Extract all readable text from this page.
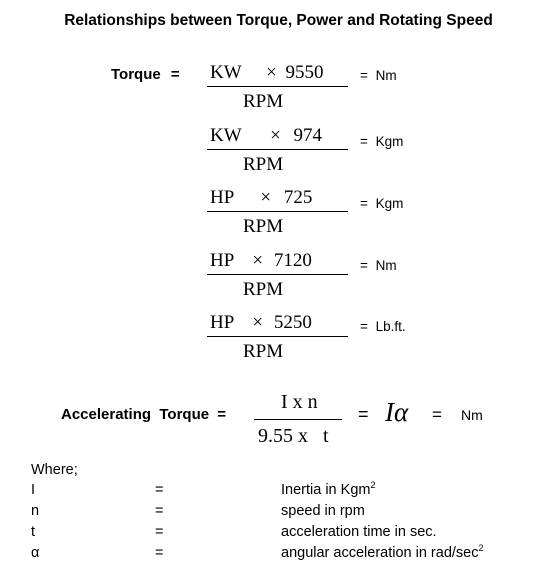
Relationships between Torque, Power and Rotating Speed
Torque = KW × 9550
RPM
= Nm
KW × 974
RPM
= Kgm
HP × 725
RPM
= Kgm
HP × 7120
RPM
= Nm
HP × 5250
RPM
= Lb.ft.
Accelerating  Torque =
I x n
9.55 x   t
= Iα = Nm
Where;
I	=	Inertia in Kgm$^2$
n	=	speed in rpm
t	=	acceleration time in sec.
α	=	angular acceleration in rad/$\sec^2$
